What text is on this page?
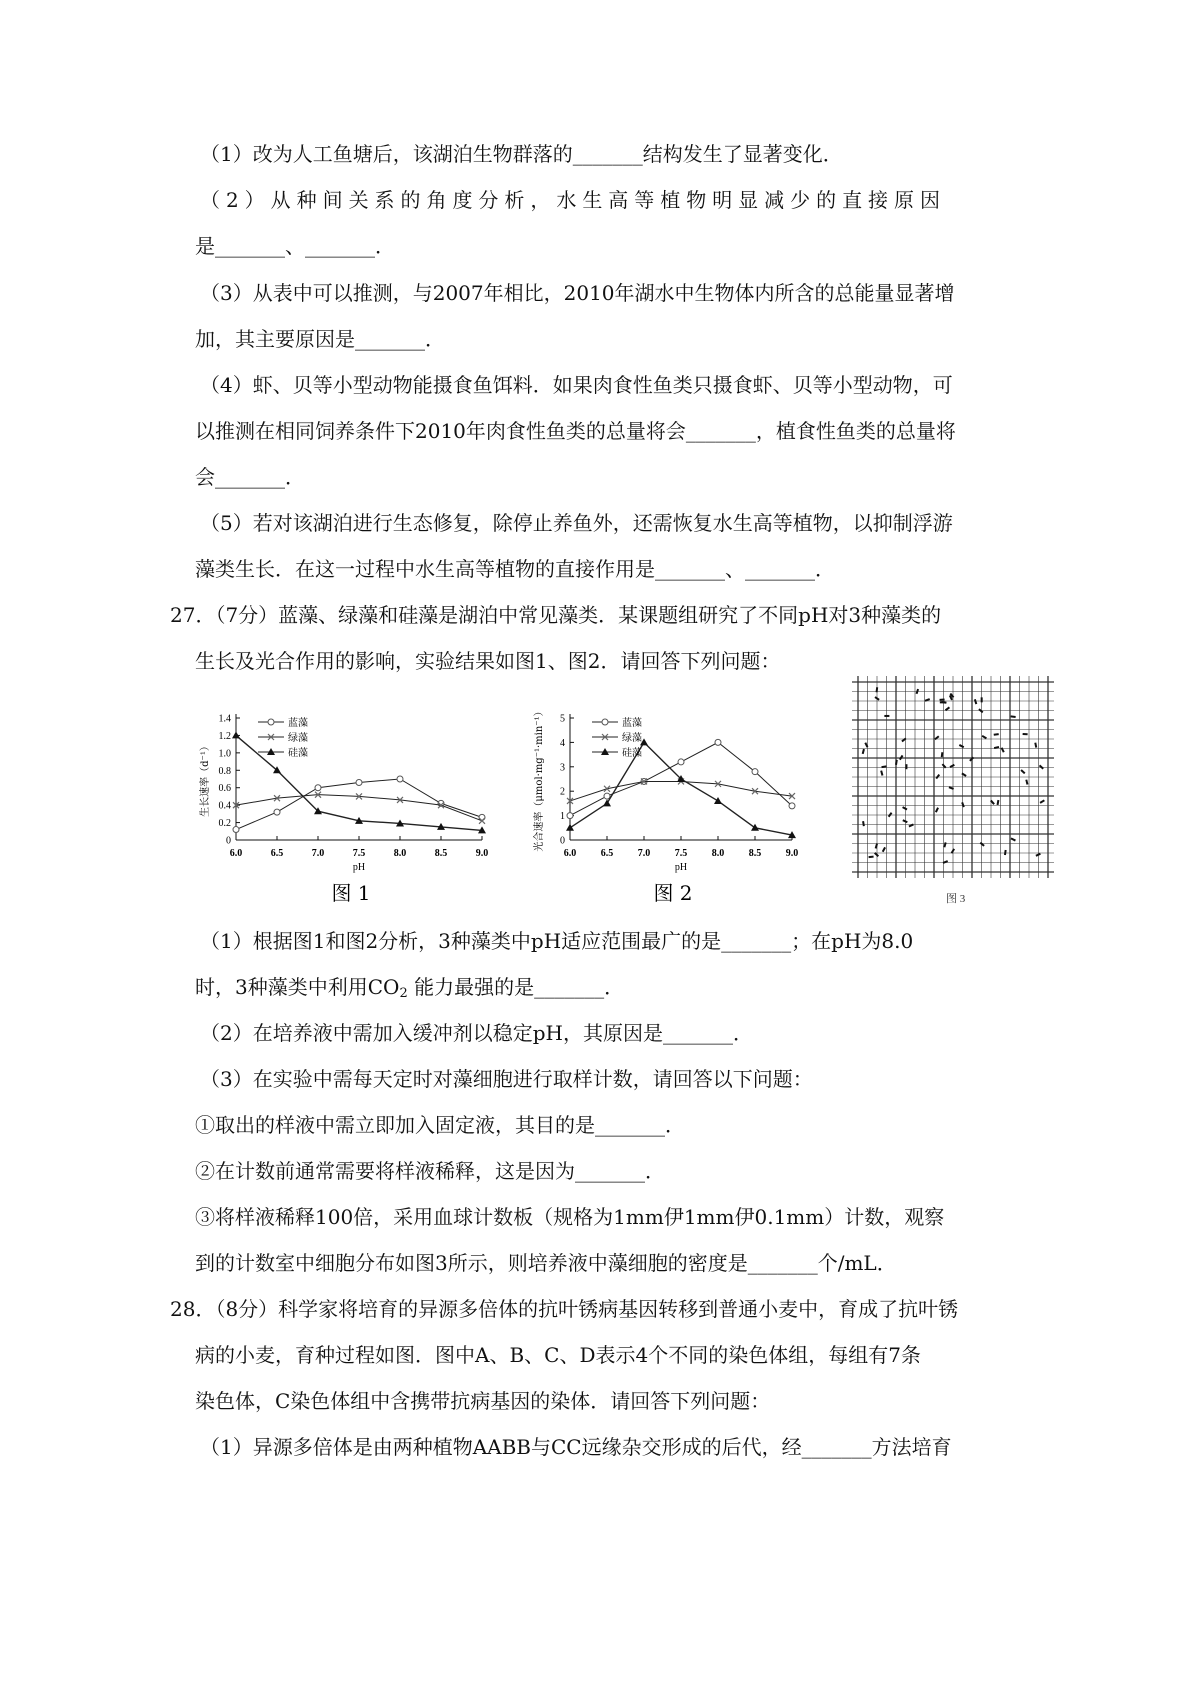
（1）改为人工鱼塘后，该湖泊生物群落的_______结构发生了显著变化．
（2）从种间关系的角度分析，水生高等植物明显减少的直接原因
是_______、_______．
（3）从表中可以推测，与2007年相比，2010年湖水中生物体内所含的总能量显著增
加，其主要原因是_______．
（4）虾、贝等小型动物能摄食鱼饵料．如果肉食性鱼类只摄食虾、贝等小型动物，可
以推测在相同饲养条件下2010年肉食性鱼类的总量将会_______，植食性鱼类的总量将
会_______．
（5）若对该湖泊进行生态修复，除停止养鱼外，还需恢复水生高等植物，以抑制浮游
藻类生长．在这一过程中水生高等植物的直接作用是_______、_______．
27．（7分）蓝藻、绿藻和硅藻是湖泊中常见藻类．某课题组研究了不同pH对3种藻类的
生长及光合作用的影响，实验结果如图1、图2．请回答下列问题：
0
0.2
0.4
0.6
0.8
1.0
1.2
1.4
6.0	6.5	7.0	7.5	8.0	8.5	9.0
pH
生长速率（d⁻¹）
蓝藻
绿藻
硅藻
图 1
0
1
2
3
4
5
6.0 6.5 7.0 7.5 8.0 8.5 9.0
pH
光合速率（μmol·mg⁻¹·min⁻¹）	蓝藻
绿藻
硅藻
图 2	图 3
（1）根据图1和图2分析，3种藻类中pH适应范围最广的是_______；在pH为8.0
时，3种藻类中利用$CO_2$ 能力最强的是_______．
（2）在培养液中需加入缓冲剂以稳定pH，其原因是_______．
（3）在实验中需每天定时对藻细胞进行取样计数，请回答以下问题：
①取出的样液中需立即加入固定液，其目的是_______．
②在计数前通常需要将样液稀释，这是因为_______．
③将样液稀释100倍，采用血球计数板（规格为1mm伊1mm伊0.1mm）计数，观察
到的计数室中细胞分布如图3所示，则培养液中藻细胞的密度是_______个/mL．
28．（8分）科学家将培育的异源多倍体的抗叶锈病基因转移到普通小麦中，育成了抗叶锈
病的小麦，育种过程如图．图中A、B、C、D表示4个不同的染色体组，每组有7条
染色体，C染色体组中含携带抗病基因的染体．请回答下列问题：
（1）异源多倍体是由两种植物AABB与CC远缘杂交形成的后代，经_______方法培育
